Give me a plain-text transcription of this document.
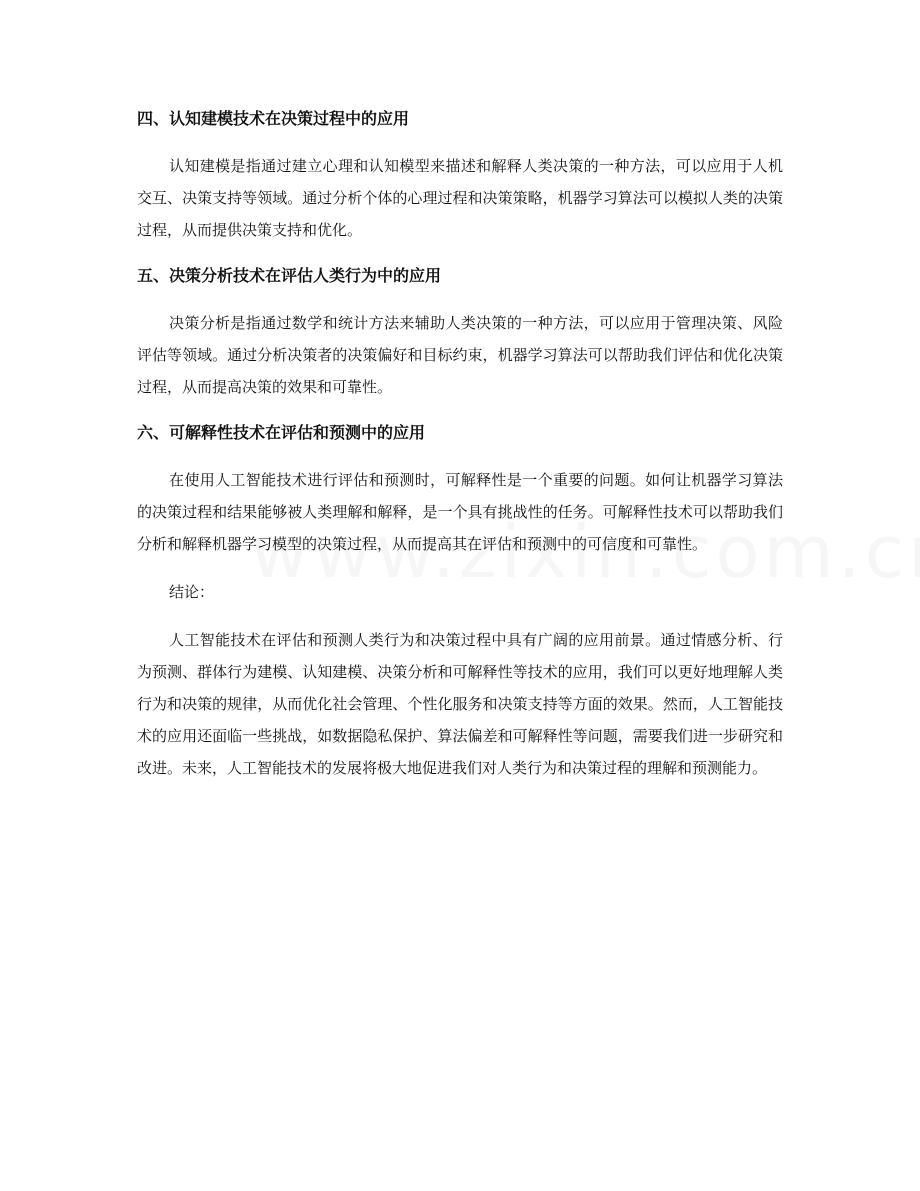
四、认知建模技术在决策过程中的应用

认知建模是指通过建立心理和认知模型来描述和解释人类决策的一种方法，可以应用于人机交互、决策支持等领域。通过分析个体的心理过程和决策策略，机器学习算法可以模拟人类的决策过程，从而提供决策支持和优化。

五、决策分析技术在评估人类行为中的应用

决策分析是指通过数学和统计方法来辅助人类决策的一种方法，可以应用于管理决策、风险评估等领域。通过分析决策者的决策偏好和目标约束，机器学习算法可以帮助我们评估和优化决策过程，从而提高决策的效果和可靠性。

六、可解释性技术在评估和预测中的应用

在使用人工智能技术进行评估和预测时，可解释性是一个重要的问题。如何让机器学习算法的决策过程和结果能够被人类理解和解释，是一个具有挑战性的任务。可解释性技术可以帮助我们分析和解释机器学习模型的决策过程，从而提高其在评估和预测中的可信度和可靠性。

结论：

人工智能技术在评估和预测人类行为和决策过程中具有广阔的应用前景。通过情感分析、行为预测、群体行为建模、认知建模、决策分析和可解释性等技术的应用，我们可以更好地理解人类行为和决策的规律，从而优化社会管理、个性化服务和决策支持等方面的效果。然而，人工智能技术的应用还面临一些挑战，如数据隐私保护、算法偏差和可解释性等问题，需要我们进一步研究和改进。未来，人工智能技术的发展将极大地促进我们对人类行为和决策过程的理解和预测能力。
